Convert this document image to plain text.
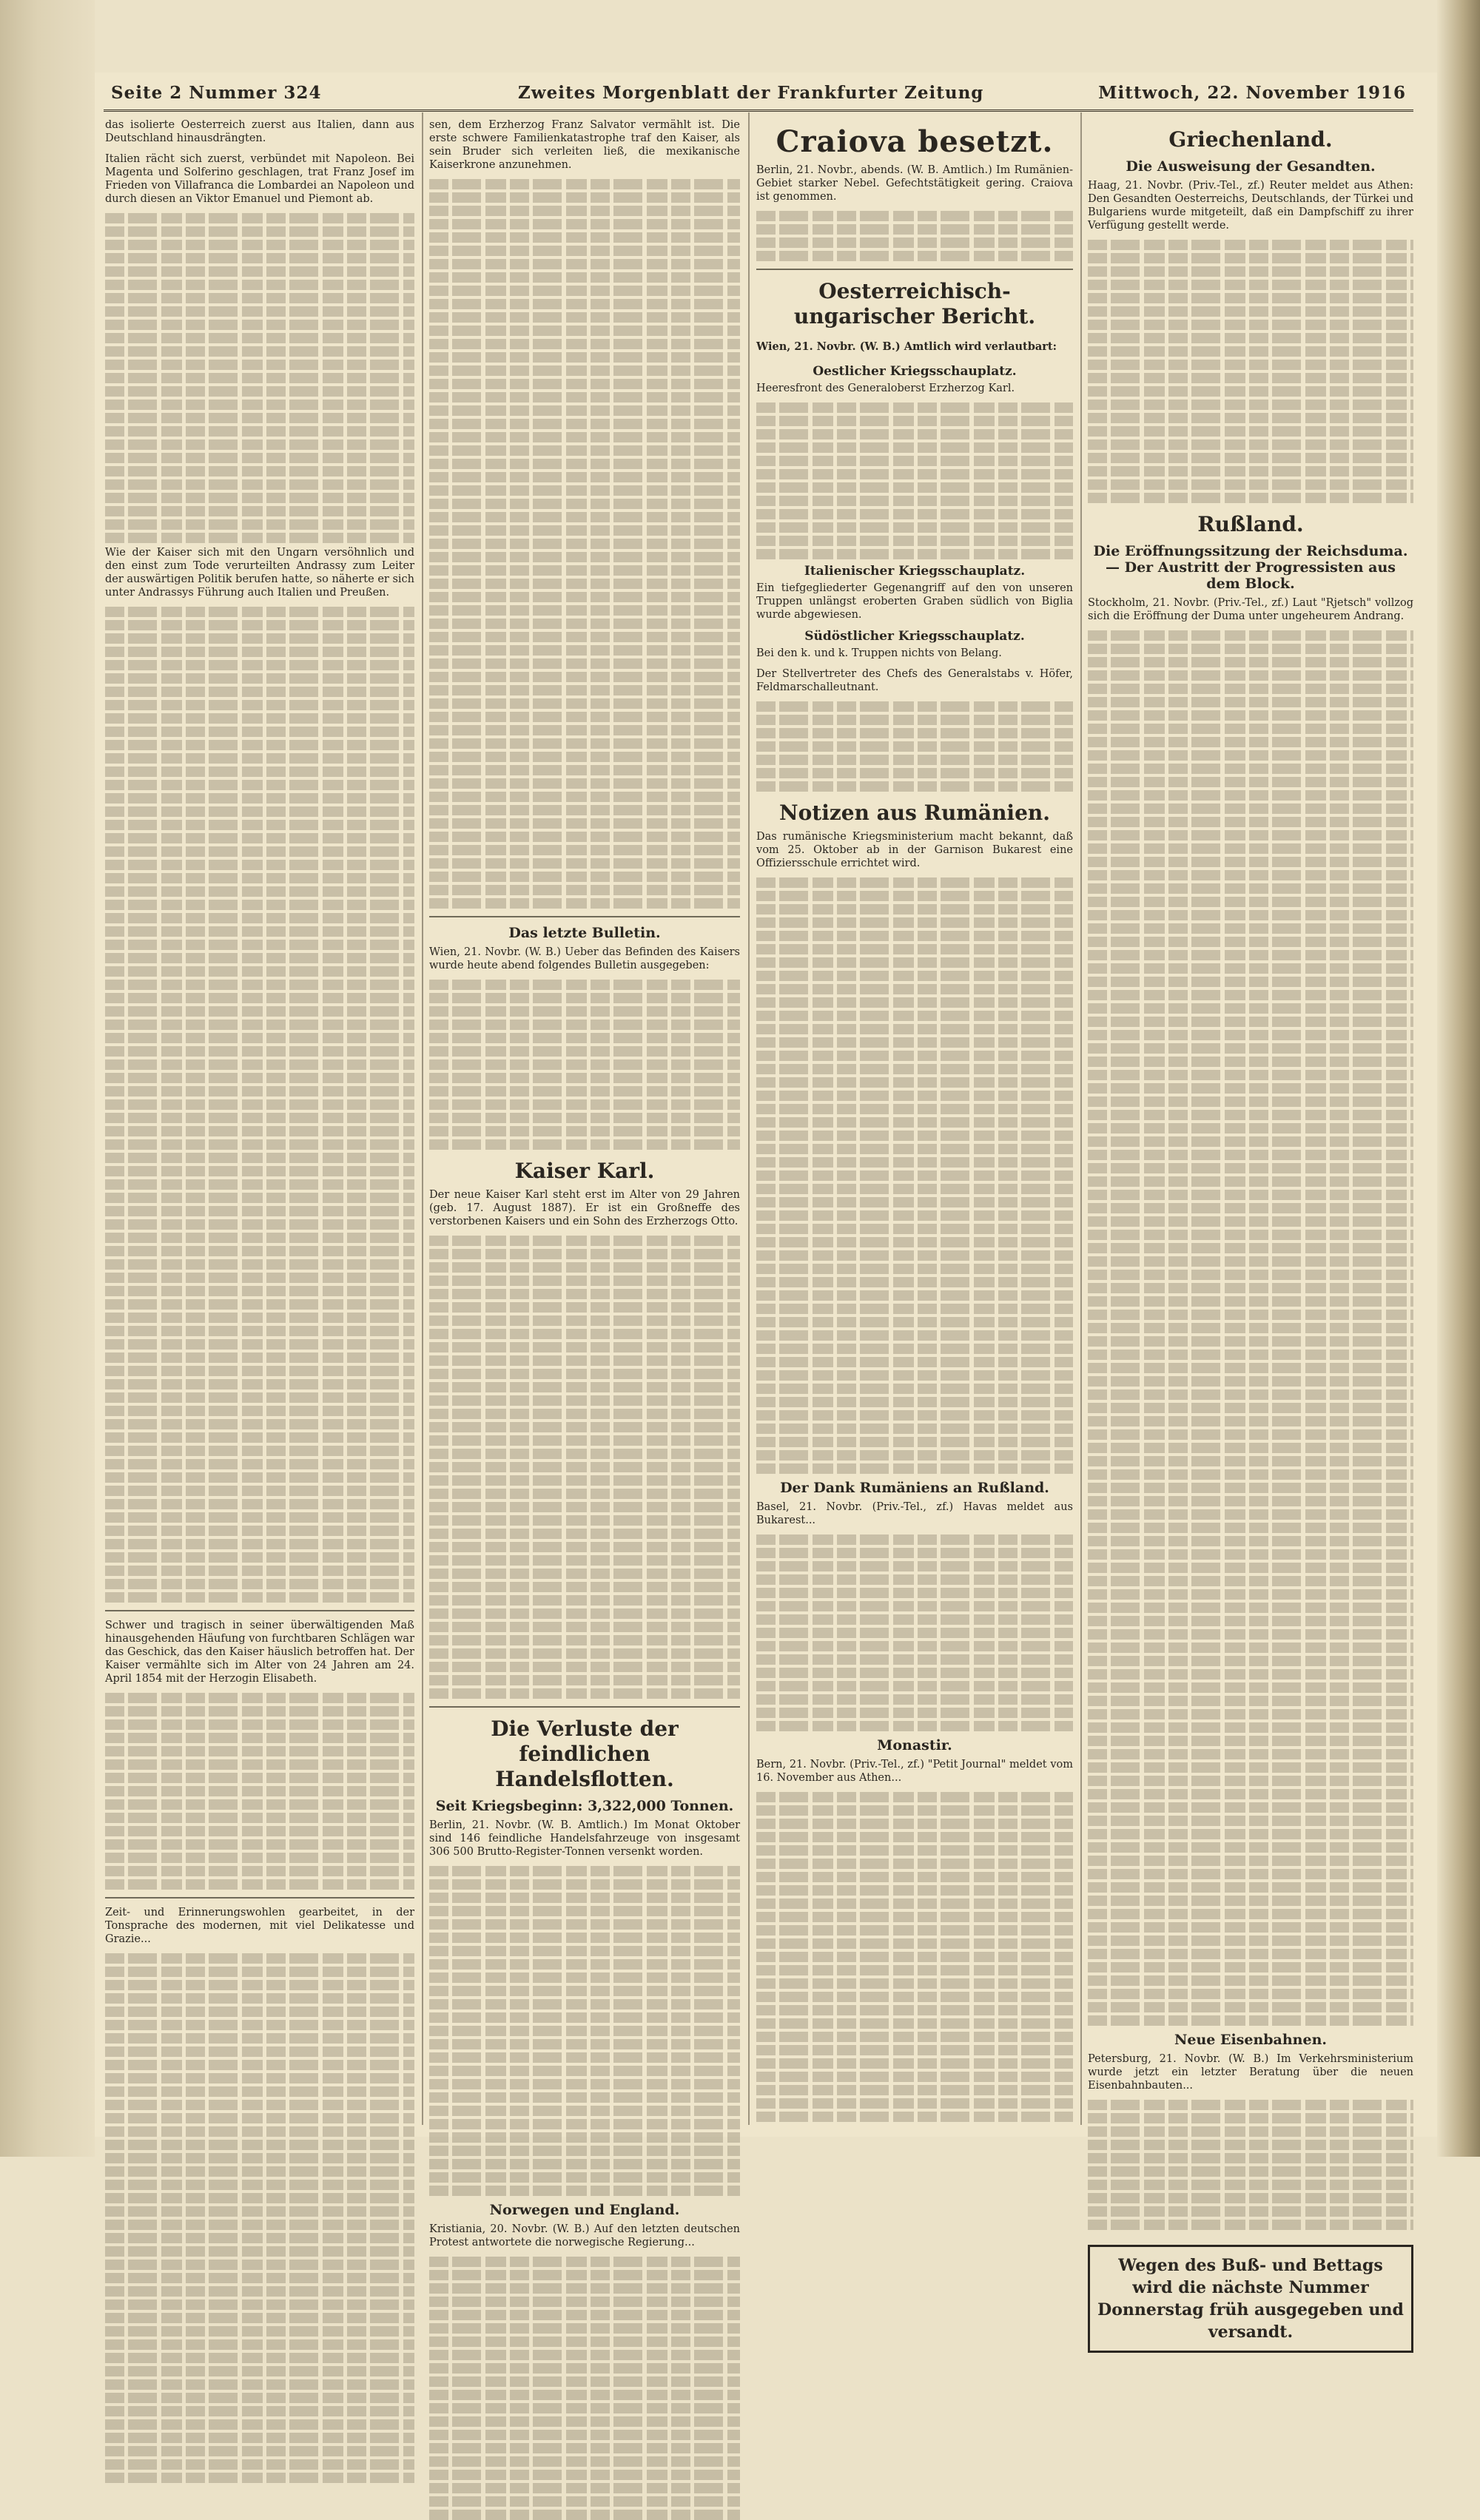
Seite 2 Nummer 324	Zweites Morgenblatt der Frankfurter Zeitung	Mittwoch, 22. November 1916

das isolierte Oesterreich zuerst aus Italien, dann aus Deutschland hinausdrängten.

Italien rächt sich zuerst, verbündet mit Napoleon. Bei Magenta und Solferino geschlagen, trat Franz Josef im Frieden von Villafranca die Lombardei an Napoleon und durch diesen an Viktor Emanuel und Piemont ab.

Wie der Kaiser sich mit den Ungarn versöhnlich und den einst zum Tode verurteilten Andrassy zum Leiter der auswärtigen Politik berufen hatte, so näherte er sich unter Andrassys Führung auch Italien und Preußen.

Schwer und tragisch in seiner überwältigenden Maß hinausgehenden Häufung von furchtbaren Schlägen war das Geschick, das den Kaiser häuslich betroffen hat. Der Kaiser vermählte sich im Alter von 24 Jahren am 24. April 1854 mit der Herzogin Elisabeth.

Zeit- und Erinnerungswohlen gearbeitet, in der Tonsprache des modernen, mit viel Delikatesse und Grazie...

sen, dem Erzherzog Franz Salvator vermählt ist. Die erste schwere Familienkatastrophe traf den Kaiser, als sein Bruder sich verleiten ließ, die mexikanische Kaiserkrone anzunehmen.

Das letzte Bulletin.

Wien, 21. Novbr. (W. B.) Ueber das Befinden des Kaisers wurde heute abend folgendes Bulletin ausgegeben:

Kaiser Karl.

Der neue Kaiser Karl steht erst im Alter von 29 Jahren (geb. 17. August 1887). Er ist ein Großneffe des verstorbenen Kaisers und ein Sohn des Erzherzogs Otto.

Die Verluste der feindlichen Handelsflotten.
Seit Kriegsbeginn: 3,322,000 Tonnen.

Berlin, 21. Novbr. (W. B. Amtlich.) Im Monat Oktober sind 146 feindliche Handelsfahrzeuge von insgesamt 306 500 Brutto-Register-Tonnen versenkt worden.

Norwegen und England.

Kristiania, 20. Novbr. (W. B.) Auf den letzten deutschen Protest antwortete die norwegische Regierung...

Craiova besetzt.

Berlin, 21. Novbr., abends. (W. B. Amtlich.) Im Rumänien-Gebiet starker Nebel. Gefechtstätigkeit gering. Craiova ist genommen.

Oesterreichisch-ungarischer Bericht.

Wien, 21. Novbr. (W. B.) Amtlich wird verlautbart:

Oestlicher Kriegsschauplatz.

Heeresfront des Generaloberst Erzherzog Karl.

Italienischer Kriegsschauplatz.

Ein tiefgegliederter Gegenangriff auf den von unseren Truppen unlängst eroberten Graben südlich von Biglia wurde abgewiesen.

Südöstlicher Kriegsschauplatz.

Bei den k. und k. Truppen nichts von Belang.

Der Stellvertreter des Chefs des Generalstabs v. Höfer, Feldmarschalleutnant.

Notizen aus Rumänien.

Das rumänische Kriegsministerium macht bekannt, daß vom 25. Oktober ab in der Garnison Bukarest eine Offiziersschule errichtet wird.

Der Dank Rumäniens an Rußland.

Basel, 21. Novbr. (Priv.-Tel., zf.) Havas meldet aus Bukarest...

Monastir.

Bern, 21. Novbr. (Priv.-Tel., zf.) "Petit Journal" meldet vom 16. November aus Athen...

Griechenland.
Die Ausweisung der Gesandten.

Haag, 21. Novbr. (Priv.-Tel., zf.) Reuter meldet aus Athen: Den Gesandten Oesterreichs, Deutschlands, der Türkei und Bulgariens wurde mitgeteilt, daß ein Dampfschiff zu ihrer Verfügung gestellt werde.

Rußland.
Die Eröffnungssitzung der Reichsduma. — Der Austritt der Progressisten aus dem Block.

Stockholm, 21. Novbr. (Priv.-Tel., zf.) Laut "Rjetsch" vollzog sich die Eröffnung der Duma unter ungeheurem Andrang.

Neue Eisenbahnen.

Petersburg, 21. Novbr. (W. B.) Im Verkehrsministerium wurde jetzt ein letzter Beratung über die neuen Eisenbahnbauten...

Wegen des Buß- und Bettags wird die nächste Nummer Donnerstag früh ausgegeben und versandt.
